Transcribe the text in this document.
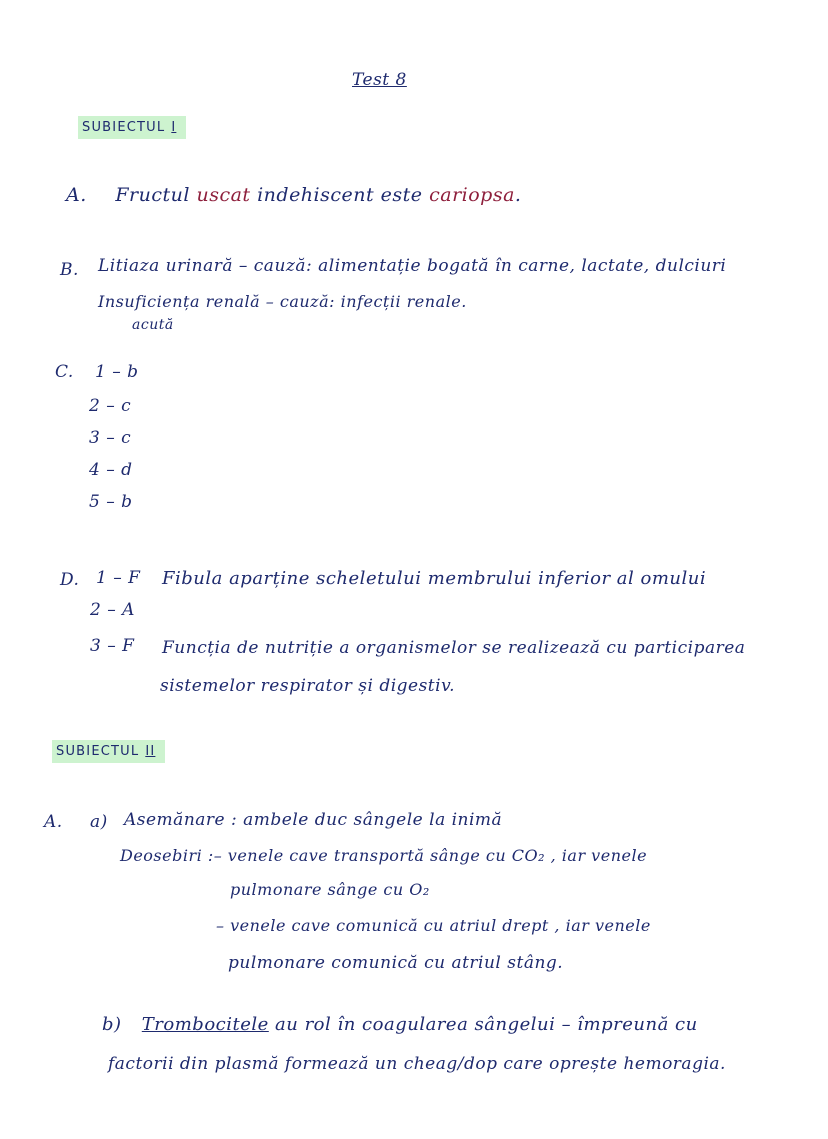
Test 8
SUBIECTUL I
A. Fructul uscat indehiscent este cariopsa.
B. Litiaza urinară – cauză: alimentație bogată în carne, lactate, dulciuri
Insuficiența renală – cauză: infecții renale.
acută
C. 1 – b
2 – c
3 – c
4 – d
5 – b
D. 1 – F Fibula aparține scheletului membrului inferior al omului
2 – A
3 – F Funcția de nutriție a organismelor se realizează cu participarea
sistemelor respirator și digestiv.
SUBIECTUL II
A. a) Asemănare : ambele duc sângele la inimă
Deosebiri :– venele cave transportă sânge cu CO₂ , iar venele
pulmonare sânge cu O₂
– venele cave comunică cu atriul drept , iar venele
pulmonare comunică cu atriul stâng.
b) Trombocitele au rol în coagularea sângelui – împreună cu
factorii din plasmă formează un cheag/dop care oprește hemoragia.
